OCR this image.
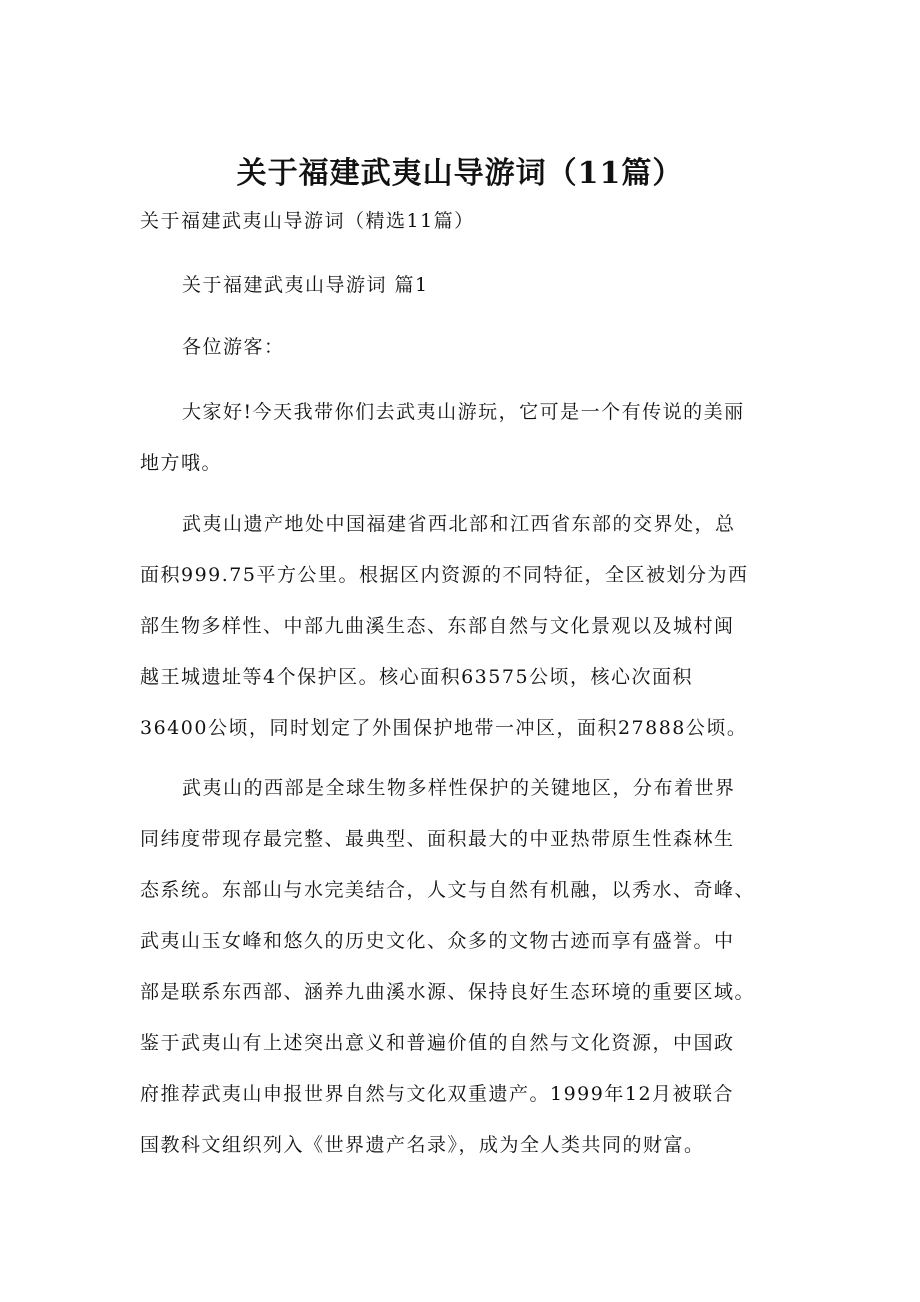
关于福建武夷山导游词（11篇）
关于福建武夷山导游词（精选11篇）
关于福建武夷山导游词 篇1
各位游客：
大家好!今天我带你们去武夷山游玩，它可是一个有传说的美丽
地方哦。
武夷山遗产地处中国福建省西北部和江西省东部的交界处，总
面积999.75平方公里。根据区内资源的不同特征，全区被划分为西
部生物多样性、中部九曲溪生态、东部自然与文化景观以及城村闽
越王城遗址等4个保护区。核心面积63575公顷，核心次面积
36400公顷，同时划定了外围保护地带一冲区，面积27888公顷。
武夷山的西部是全球生物多样性保护的关键地区，分布着世界
同纬度带现存最完整、最典型、面积最大的中亚热带原生性森林生
态系统。东部山与水完美结合，人文与自然有机融，以秀水、奇峰、
武夷山玉女峰和悠久的历史文化、众多的文物古迹而享有盛誉。中
部是联系东西部、涵养九曲溪水源、保持良好生态环境的重要区域。
鉴于武夷山有上述突出意义和普遍价值的自然与文化资源，中国政
府推荐武夷山申报世界自然与文化双重遗产。1999年12月被联合
国教科文组织列入《世界遗产名录》，成为全人类共同的财富。
